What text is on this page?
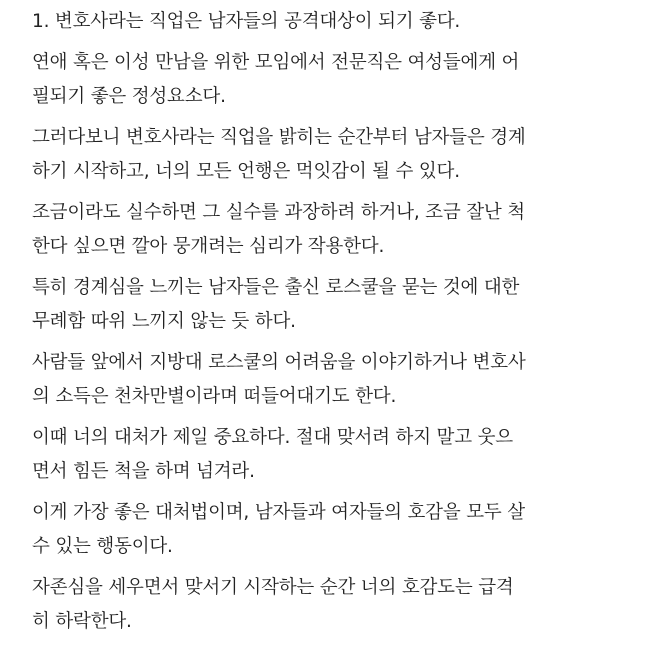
1. 변호사라는 직업은 남자들의 공격대상이 되기 좋다.

연애 혹은 이성 만남을 위한 모임에서 전문직은 여성들에게 어
필되기 좋은 정성요소다.

그러다보니 변호사라는 직업을 밝히는 순간부터 남자들은 경계
하기 시작하고, 너의 모든 언행은 먹잇감이 될 수 있다.

조금이라도 실수하면 그 실수를 과장하려 하거나, 조금 잘난 척
한다 싶으면 깔아 뭉개려는 심리가 작용한다.

특히 경계심을 느끼는 남자들은 출신 로스쿨을 묻는 것에 대한
무례함 따위 느끼지 않는 듯 하다.

사람들 앞에서 지방대 로스쿨의 어려움을 이야기하거나 변호사
의 소득은 천차만별이라며 떠들어대기도 한다.

이때 너의 대처가 제일 중요하다. 절대 맞서려 하지 말고 웃으
면서 힘든 척을 하며 넘겨라.

이게 가장 좋은 대처법이며, 남자들과 여자들의 호감을 모두 살
수 있는 행동이다.

자존심을 세우면서 맞서기 시작하는 순간 너의 호감도는 급격
히 하락한다.
